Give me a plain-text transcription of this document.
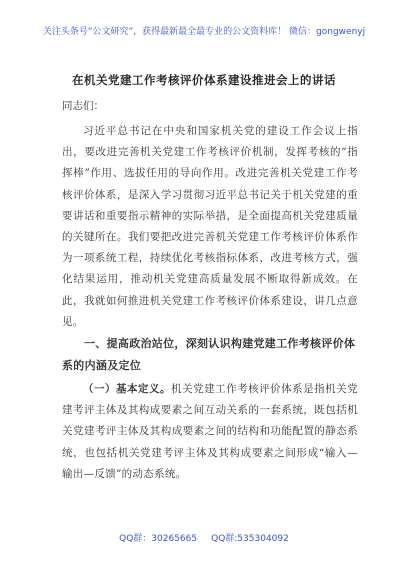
关注头条号“公文研究”，获得最新最全最专业的公文资料库！ 微信：gongwenyj
在机关党建工作考核评价体系建设推进会上的讲话
同志们：

习近平总书记在中央和国家机关党的建设工作会议上指出，要改进完善机关党建工作考核评价机制，发挥考核的“指挥棒”作用、选拔任用的导向作用。改进完善机关党建工作考核评价体系，是深入学习贯彻习近平总书记关于机关党建的重要讲话和重要指示精神的实际举措，是全面提高机关党建质量的关键所在。我们要把改进完善机关党建工作考核评价体系作为一项系统工程，持续优化考核指标体系，改进考核方式，强化结果运用，推动机关党建高质量发展不断取得新成效。在此，我就如何推进机关党建工作考核评价体系建设，讲几点意见。

一、提高政治站位，深刻认识构建党建工作考核评价体系的内涵及定位

（一）基本定义。机关党建工作考核评价体系是指机关党建考评主体及其构成要素之间互动关系的一套系统，既包括机关党建考评主体及其构成要素之间的结构和功能配置的静态系统，也包括机关党建考评主体及其构成要素之间形成“输入—输出—反馈”的动态系统。

QQ群：30265665 QQ群:535304092
